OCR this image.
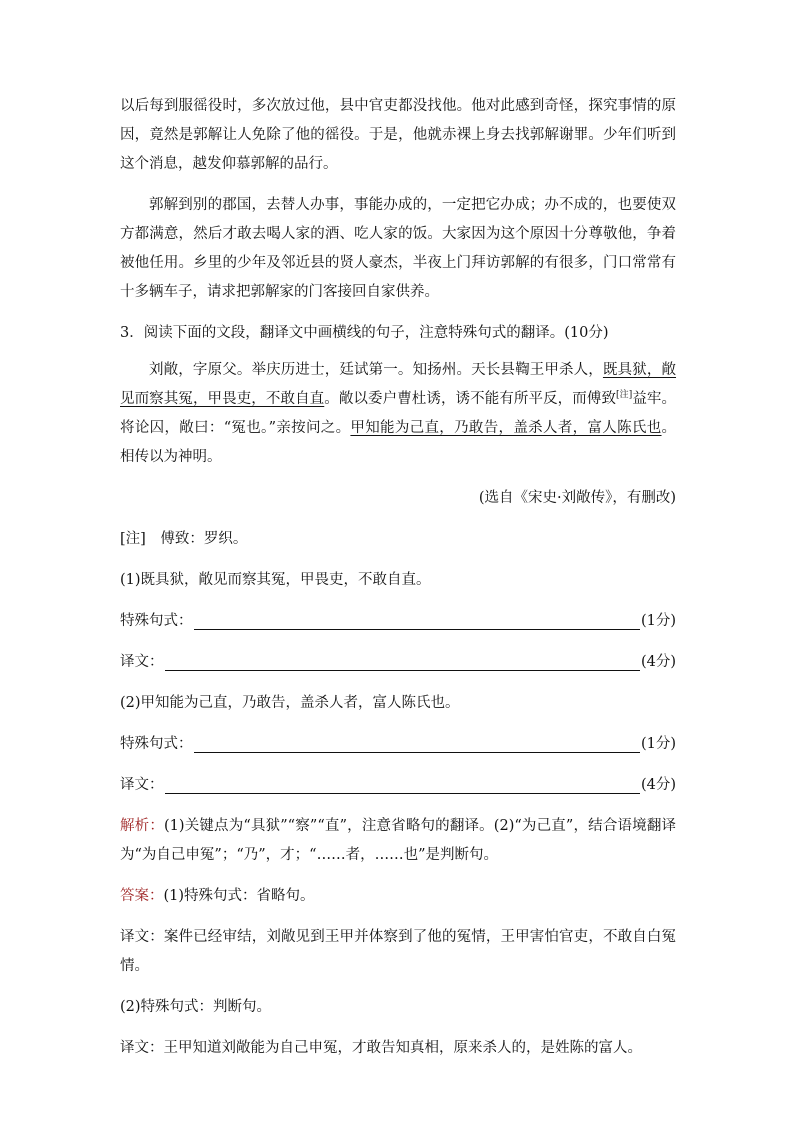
以后每到服徭役时，多次放过他，县中官吏都没找他。他对此感到奇怪，探究事情的原因，竟然是郭解让人免除了他的徭役。于是，他就赤裸上身去找郭解谢罪。少年们听到这个消息，越发仰慕郭解的品行。

郭解到别的郡国，去替人办事，事能办成的，一定把它办成；办不成的，也要使双方都满意，然后才敢去喝人家的酒、吃人家的饭。大家因为这个原因十分尊敬他，争着被他任用。乡里的少年及邻近县的贤人豪杰，半夜上门拜访郭解的有很多，门口常常有十多辆车子，请求把郭解家的门客接回自家供养。

3．阅读下面的文段，翻译文中画横线的句子，注意特殊句式的翻译。(10分)

刘敞，字原父。举庆历进士，廷试第一。知扬州。天长县鞫王甲杀人，既具狱，敞见而察其冤，甲畏吏，不敢自直。敞以委户曹杜诱，诱不能有所平反，而傅致[注]益牢。将论囚，敞曰：“冤也。”亲按问之。甲知能为己直，乃敢告，盖杀人者，富人陈氏也。相传以为神明。

(选自《宋史·刘敞传》，有删改)

[注]　傅致：罗织。

(1)既具狱，敞见而察其冤，甲畏吏，不敢自直。

特殊句式：	(1分)
译文：	(4分)

(2)甲知能为己直，乃敢告，盖杀人者，富人陈氏也。

特殊句式：	(1分)
译文：	(4分)

解析：(1)关键点为“具狱”“察”“直”，注意省略句的翻译。(2)“为己直”，结合语境翻译为“为自己申冤”；“乃”，才；“……者，……也”是判断句。

答案：(1)特殊句式：省略句。

译文：案件已经审结，刘敞见到王甲并体察到了他的冤情，王甲害怕官吏，不敢自白冤情。

(2)特殊句式：判断句。

译文：王甲知道刘敞能为自己申冤，才敢告知真相，原来杀人的，是姓陈的富人。
